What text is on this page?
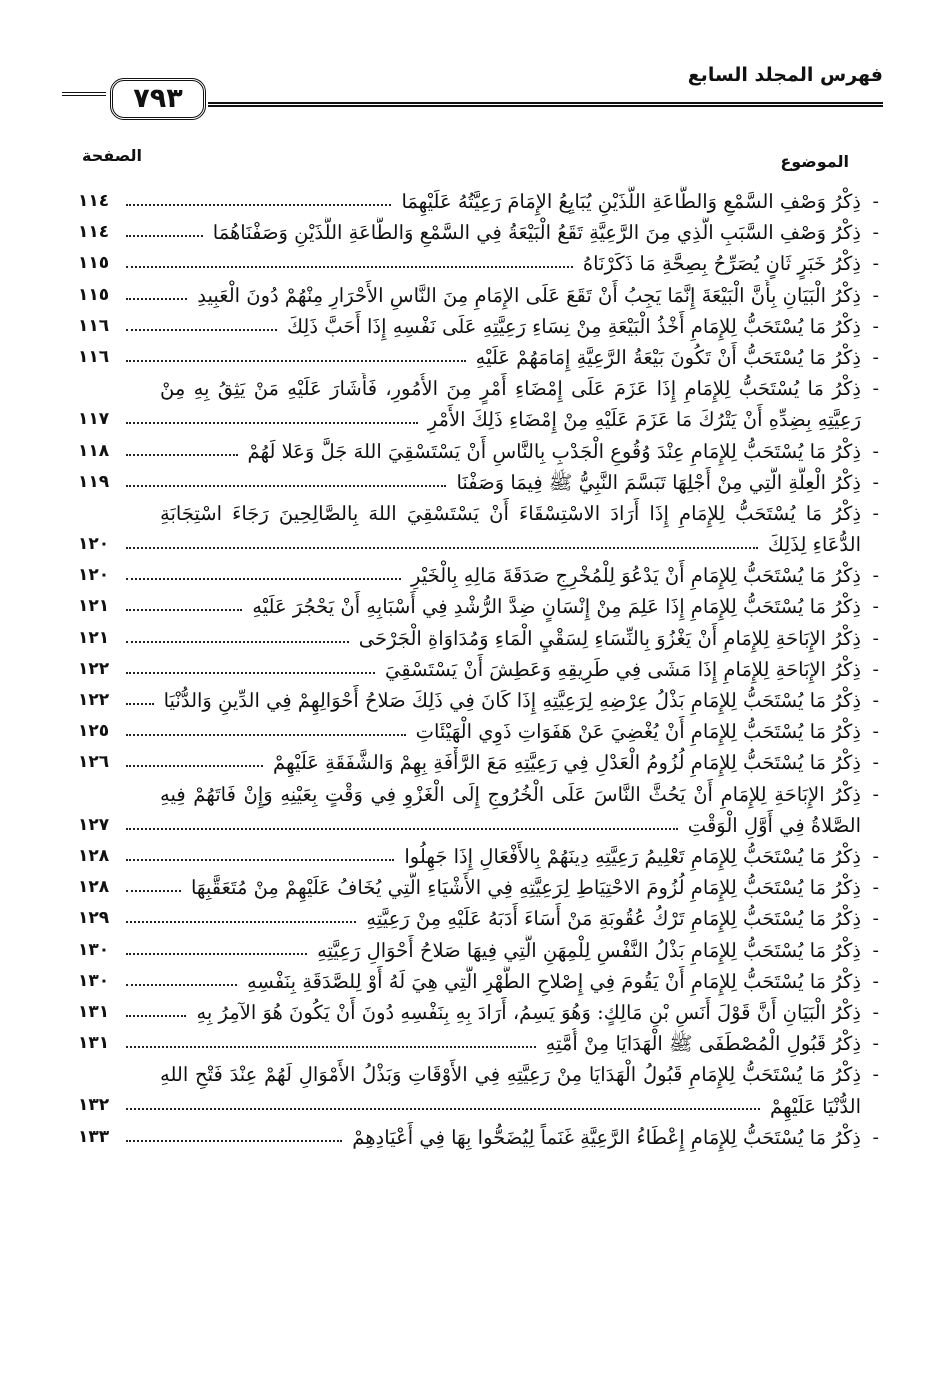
٧٩٣
فهرس المجلد السابع
الموضوع
الصفحة
-
ذِكْرُ وَصْفِ السَّمْعِ وَالطَّاعَةِ اللَّذَيْنِ يُبَايِعُ الإِمَامَ رَعِيَّتُهُ عَلَيْهِمَا
١١٤
-
ذِكْرُ وَصْفِ السَّبَبِ الَّذِي مِنَ الرَّعِيَّةِ تَقَعُ الْبَيْعَةُ فِي السَّمْعِ وَالطَّاعَةِ اللَّذَيْنِ وَصَفْنَاهُمَا
١١٤
-
ذِكْرُ خَبَرٍ ثَانٍ يُصَرِّحُ بِصِحَّةِ مَا ذَكَرْنَاهُ
١١٥
-
ذِكْرُ الْبَيَانِ بِأَنَّ الْبَيْعَةَ إِنَّمَا يَجِبُ أَنْ تَقَعَ عَلَى الإِمَامِ مِنَ النَّاسِ الأَحْرَارِ مِنْهُمْ دُونَ الْعَبِيدِ
١١٥
-
ذِكْرُ مَا يُسْتَحَبُّ لِلإِمَامِ أَخْذُ الْبَيْعَةِ مِنْ نِسَاءِ رَعِيَّتِهِ عَلَى نَفْسِهِ إِذَا أَحَبَّ ذَلِكَ
١١٦
-
ذِكْرُ مَا يُسْتَحَبُّ أَنْ تَكُونَ بَيْعَةُ الرَّعِيَّةِ إِمَامَهُمْ عَلَيْهِ
١١٦
-
ذِكْرُ مَا يُسْتَحَبُّ لِلإِمَامِ إِذَا عَزَمَ عَلَى إِمْضَاءِ أَمْرٍ مِنَ الأُمُورِ، فَأَشَارَ عَلَيْهِ مَنْ يَثِقُ بِهِ مِنْ رَعِيَّتِهِ بِضِدِّهِ أَنْ يَتْرُكَ مَا عَزَمَ عَلَيْهِ مِنْ إِمْضَاءِ ذَلِكَ الأَمْرِ
١١٧
-
ذِكْرُ مَا يُسْتَحَبُّ لِلإِمَامِ عِنْدَ وُقُوعِ الْجَدْبِ بِالنَّاسِ أَنْ يَسْتَسْقِيَ اللهَ جَلَّ وَعَلا لَهُمْ
١١٨
-
ذِكْرُ الْعِلَّةِ الَّتِي مِنْ أَجْلِهَا تَبَسَّمَ النَّبِيُّ ﷺ فِيمَا وَصَفْنَا
١١٩
-
ذِكْرُ مَا يُسْتَحَبُّ لِلإِمَامِ إِذَا أَرَادَ الاسْتِسْقَاءَ أَنْ يَسْتَسْقِيَ اللهَ بِالصَّالِحِينَ رَجَاءَ اسْتِجَابَةِ الدُّعَاءِ لِذَلِكَ
١٢٠
-
ذِكْرُ مَا يُسْتَحَبُّ لِلإِمَامِ أَنْ يَدْعُوَ لِلْمُخْرِجِ صَدَقَةَ مَالِهِ بِالْخَيْرِ
١٢٠
-
ذِكْرُ مَا يُسْتَحَبُّ لِلإِمَامِ إِذَا عَلِمَ مِنْ إِنْسَانٍ ضِدَّ الرُّشْدِ فِي أَسْبَابِهِ أَنْ يَحْجُرَ عَلَيْهِ
١٢١
-
ذِكْرُ الإِبَاحَةِ لِلإِمَامِ أَنْ يَغْزُوَ بِالنِّسَاءِ لِسَقْيِ الْمَاءِ وَمُدَاوَاةِ الْجَرْحَى
١٢١
-
ذِكْرُ الإِبَاحَةِ لِلإِمَامِ إِذَا مَشَى فِي طَرِيقِهِ وَعَطِشَ أَنْ يَسْتَسْقِيَ
١٢٢
-
ذِكْرُ مَا يُسْتَحَبُّ لِلإِمَامِ بَذْلُ عِرْضِهِ لِرَعِيَّتِهِ إِذَا كَانَ فِي ذَلِكَ صَلاحُ أَحْوَالِهِمْ فِي الدِّينِ وَالدُّنْيَا
١٢٢
-
ذِكْرُ مَا يُسْتَحَبُّ لِلإِمَامِ أَنْ يُغْضِيَ عَنْ هَفَوَاتِ ذَوِي الْهَيْئَاتِ
١٢٥
-
ذِكْرُ مَا يُسْتَحَبُّ لِلإِمَامِ لُزُومُ الْعَدْلِ فِي رَعِيَّتِهِ مَعَ الرَّأْفَةِ بِهِمْ وَالشَّفَقَةِ عَلَيْهِمْ
١٢٦
-
ذِكْرُ الإِبَاحَةِ لِلإِمَامِ أَنْ يَحُثَّ النَّاسَ عَلَى الْخُرُوجِ إِلَى الْغَزْوِ فِي وَقْتٍ بِعَيْنِهِ وَإِنْ فَاتَهُمْ فِيهِ الصَّلاةُ فِي أَوَّلِ الْوَقْتِ
١٢٧
-
ذِكْرُ مَا يُسْتَحَبُّ لِلإِمَامِ تَعْلِيمُ رَعِيَّتِهِ دِينَهُمْ بِالأَفْعَالِ إِذَا جَهِلُوا
١٢٨
-
ذِكْرُ مَا يُسْتَحَبُّ لِلإِمَامِ لُزُومَ الاحْتِيَاطِ لِرَعِيَّتِهِ فِي الأَشْيَاءِ الَّتِي يُخَافُ عَلَيْهِمْ مِنْ مُتَعَقَّبِهَا
١٢٨
-
ذِكْرُ مَا يُسْتَحَبُّ لِلإِمَامِ تَرْكُ عُقُوبَةِ مَنْ أَسَاءَ أَدَبَهُ عَلَيْهِ مِنْ رَعِيَّتِهِ
١٢٩
-
ذِكْرُ مَا يُسْتَحَبُّ لِلإِمَامِ بَذْلُ النَّفْسِ لِلْمِهَنِ الَّتِي فِيهَا صَلاحُ أَحْوَالِ رَعِيَّتِهِ
١٣٠
-
ذِكْرُ مَا يُسْتَحَبُّ لِلإِمَامِ أَنْ يَقُومَ فِي إِصْلاحِ الطُّهْرِ الَّتِي هِيَ لَهُ أَوْ لِلصَّدَقَةِ بِنَفْسِهِ
١٣٠
-
ذِكْرُ الْبَيَانِ أَنَّ قَوْلَ أَنَسِ بْنِ مَالِكٍ: وَهُوَ يَسِمُ، أَرَادَ بِهِ بِنَفْسِهِ دُونَ أَنْ يَكُونَ هُوَ الآمِرُ بِهِ
١٣١
-
ذِكْرُ قَبُولِ الْمُصْطَفَى ﷺ الْهَدَايَا مِنْ أُمَّتِهِ
١٣١
-
ذِكْرُ مَا يُسْتَحَبُّ لِلإِمَامِ قَبُولُ الْهَدَايَا مِنْ رَعِيَّتِهِ فِي الأَوْقَاتِ وَبَذْلُ الأَمْوَالِ لَهُمْ عِنْدَ فَتْحِ اللهِ الدُّنْيَا عَلَيْهِمْ
١٣٢
-
ذِكْرُ مَا يُسْتَحَبُّ لِلإِمَامِ إِعْطَاءُ الرَّعِيَّةِ غَنَماً لِيُضَحُّوا بِهَا فِي أَعْيَادِهِمْ
١٣٣
